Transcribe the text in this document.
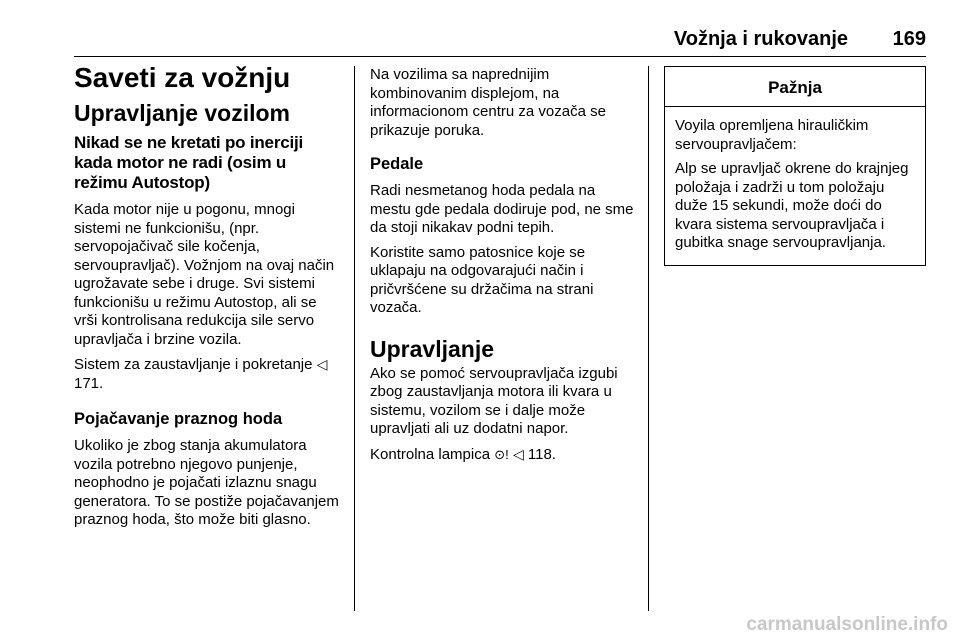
Vožnja i rukovanje 169
Saveti za vožnju
Upravljanje vozilom
Nikad se ne kretati po inerciji kada motor ne radi (osim u režimu Autostop)
Kada motor nije u pogonu, mnogi sistemi ne funkcionišu, (npr. servopojačivač sile kočenja, servoupravljač). Vožnjom na ovaj način ugrožavate sebe i druge. Svi sistemi funkcionišu u režimu Autostop, ali se vrši kontrolisana redukcija sile servo upravljača i brzine vozila.
Sistem za zaustavljanje i pokretanje ◁ 171.
Pojačavanje praznog hoda
Ukoliko je zbog stanja akumulatora vozila potrebno njegovo punjenje, neophodno je pojačati izlaznu snagu generatora. To se postiže pojačavanjem praznog hoda, što može biti glasno.
Na vozilima sa naprednijim kombinovanim displejom, na informacionom centru za vozača se prikazuje poruka.
Pedale
Radi nesmetanog hoda pedala na mestu gde pedala dodiruje pod, ne sme da stoji nikakav podni tepih.
Koristite samo patosnice koje se uklapaju na odgovarajući način i pričvršćene su držačima na strani vozača.
Upravljanje
Ako se pomoć servoupravljača izgubi zbog zaustavljanja motora ili kvara u sistemu, vozilom se i dalje može upravljati ali uz dodatni napor.
Kontrolna lampica ⊙! ◁ 118.
Pažnja
Voyila opremljena hirauličkim servoupravljačem:
Alp se upravljač okrene do krajnjeg položaja i zadrži u tom položaju duže 15 sekundi, može doći do kvara sistema servoupravljača i gubitka snage servoupravljanja.
carmanualsonline.info
